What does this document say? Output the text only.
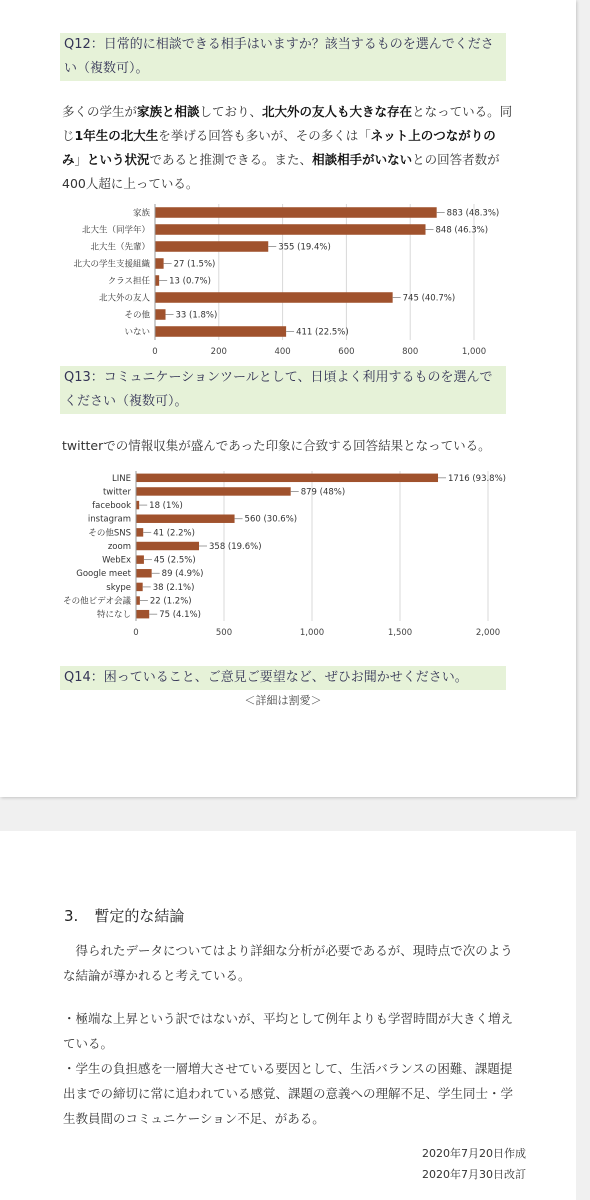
Q12：日常的に相談できる相手はいますか？該当するものを選んでください（複数可）。
多くの学生が家族と相談しており、北大外の友人も大きな存在となっている。同じ1年生の北大生を挙げる回答も多いが、その多くは「ネット上のつながりのみ」という状況であると推測できる。また、相談相手がいないとの回答者数が400人超に上っている。
0	200	400	600	800	1,000
家族	883 (48.3%)
北大生（同学年）	848 (46.3%)
北大生（先輩）	355 (19.4%)
北大の学生支援組織	27 (1.5%)
クラス担任 13 (0.7%)
北大外の友人	745 (40.7%)
その他	33 (1.8%)
いない	411 (22.5%)
Q13：コミュニケーションツールとして、日頃よく利用するものを選んでください（複数可）。
twitterでの情報収集が盛んであった印象に合致する回答結果となっている。
0	500	1,000	1,500	2,000
LINE	1716 (93.8%)
twitter	879 (48%)
facebook 18 (1%)
instagram	560 (30.6%)
その他SNS	41 (2.2%)
zoom	358 (19.6%)
WebEx	45 (2.5%)
Google meet	89 (4.9%)
skype	38 (2.1%)
その他ビデオ会議 22 (1.2%)
特になし	75 (4.1%)
Q14：困っていること、ご意見ご要望など、ぜひお聞かせください。
＜詳細は割愛＞
3. 暫定的な結論
　得られたデータについてはより詳細な分析が必要であるが、現時点で次のような結論が導かれると考えている。
・極端な上昇という訳ではないが、平均として例年よりも学習時間が大きく増えている。
・学生の負担感を一層増大させている要因として、生活バランスの困難、課題提出までの締切に常に追われている感覚、課題の意義への理解不足、学生同士・学生教員間のコミュニケーション不足、がある。
2020年7月20日作成
2020年7月30日改訂
